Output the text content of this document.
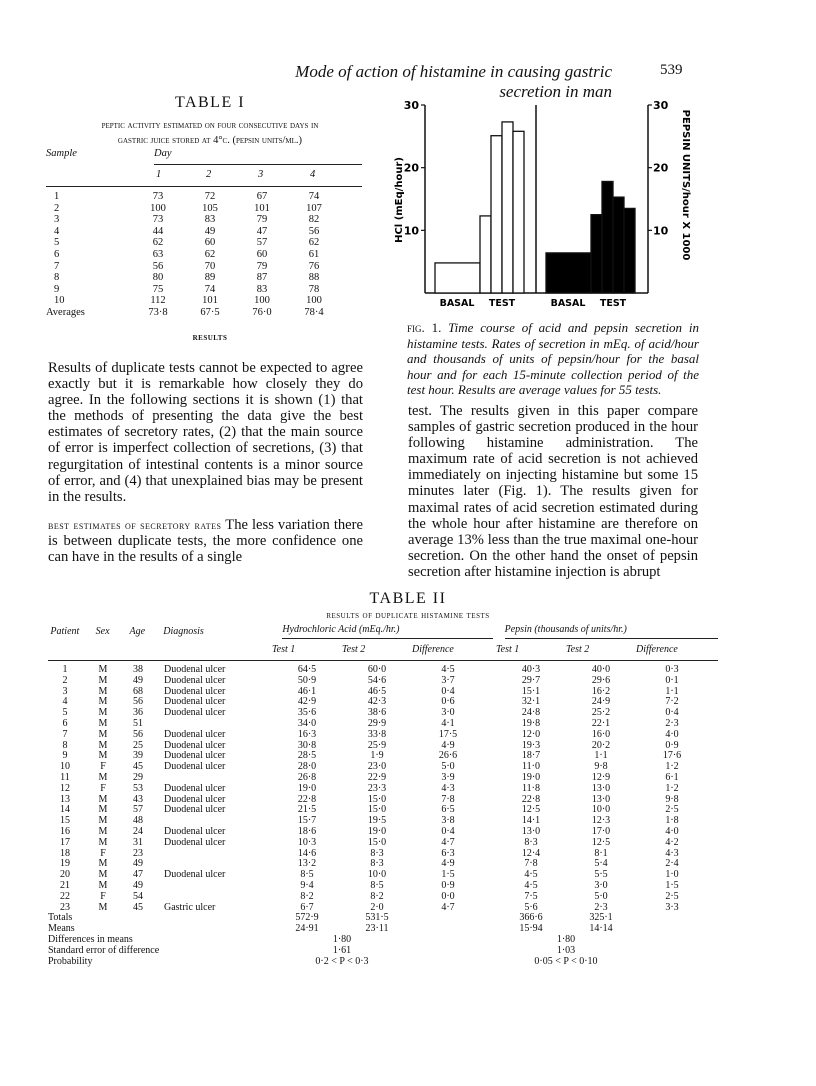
Mode of action of histamine in causing gastric secretion in man
539
TABLE I
peptic activity estimated on four consecutive days in
gastric juice stored at 4°c. (pepsin units/ml.)
Sample	Day
1	2	3	4
1	73	72	67	74
2	100	105	101	107
3	73	83	79	82
4	44	49	47	56
5	62	60	57	62
6	63	62	60	61
7	56	70	79	76
8	80	89	87	88
9	75	74	83	78
10	112	101	100	100
Averages	73·8	67·5	76·0	78·4
HCl (mEq/hour)	PEPSIN UNITS/hour X 1000
10	10
20	20
30	30
BASAL TEST	BASAL TEST
fig. 1. Time course of acid and pepsin secretion in histamine tests. Rates of secretion in mEq. of acid/hour and thousands of units of pepsin/hour for the basal hour and for each 15-minute collection period of the test hour. Results are average values for 55 tests.
results
Results of duplicate tests cannot be expected to agree exactly but it is remarkable how closely they do agree. In the following sections it is shown (1) that the methods of presenting the data give the best estimates of secretory rates, (2) that the main source of error is imperfect collection of secretions, (3) that regurgitation of intestinal contents is a minor source of error, and (4) that unexplained bias may be present in the results.
best estimates of secretory rates The less variation there is between duplicate tests, the more confidence one can have in the results of a single
test. The results given in this paper compare samples of gastric secretion produced in the hour following histamine administration. The maximum rate of acid secretion is not achieved immediately on injecting histamine but some 15 minutes later (Fig. 1). The results given for maximal rates of acid secretion estimated during the whole hour after histamine are therefore on average 13% less than the true maximal one-hour secretion. On the other hand the onset of pepsin secretion after histamine injection is abrupt
TABLE II
results of duplicate histamine tests
Patient	Sex	Age	Diagnosis	Hydrochloric Acid (mEq./hr.)	Pepsin (thousands of units/hr.)
Test 1	Test 2	Difference	Test 1	Test 2	Difference
1	M	38	Duodenal ulcer	64·5	60·0	4·5	40·3	40·0	0·3
2	M	49	Duodenal ulcer	50·9	54·6	3·7	29·7	29·6	0·1
3	M	68	Duodenal ulcer	46·1	46·5	0·4	15·1	16·2	1·1
4	M	56	Duodenal ulcer	42·9	42·3	0·6	32·1	24·9	7·2
5	M	36	Duodenal ulcer	35·6	38·6	3·0	24·8	25·2	0·4
6	M	51	34·0	29·9	4·1	19·8	22·1	2·3
7	M	56	Duodenal ulcer	16·3	33·8	17·5	12·0	16·0	4·0
8	M	25	Duodenal ulcer	30·8	25·9	4·9	19·3	20·2	0·9
9	M	39	Duodenal ulcer	28·5	1·9	26·6	18·7	1·1	17·6
10	F	45	Duodenal ulcer	28·0	23·0	5·0	11·0	9·8	1·2
11	M	29	26·8	22·9	3·9	19·0	12·9	6·1
12	F	53	Duodenal ulcer	19·0	23·3	4·3	11·8	13·0	1·2
13	M	43	Duodenal ulcer	22·8	15·0	7·8	22·8	13·0	9·8
14	M	57	Duodenal ulcer	21·5	15·0	6·5	12·5	10·0	2·5
15	M	48	15·7	19·5	3·8	14·1	12·3	1·8
16	M	24	Duodenal ulcer	18·6	19·0	0·4	13·0	17·0	4·0
17	M	31	Duodenal ulcer	10·3	15·0	4·7	8·3	12·5	4·2
18	F	23	14·6	8·3	6·3	12·4	8·1	4·3
19	M	49	13·2	8·3	4·9	7·8	5·4	2·4
20	M	47	Duodenal ulcer	8·5	10·0	1·5	4·5	5·5	1·0
21	M	49	9·4	8·5	0·9	4·5	3·0	1·5
22	F	54	8·2	8·2	0·0	7·5	5·0	2·5
23	M	45	Gastric ulcer	6·7	2·0	4·7	5·6	2·3	3·3
Totals	572·9	531·5	366·6	325·1
Means	24·91	23·11	15·94	14·14
Differences in means	1·80	1·80
Standard error of difference	1·61	1·03
Probability	0·2 < P < 0·3	0·05 < P < 0·10
